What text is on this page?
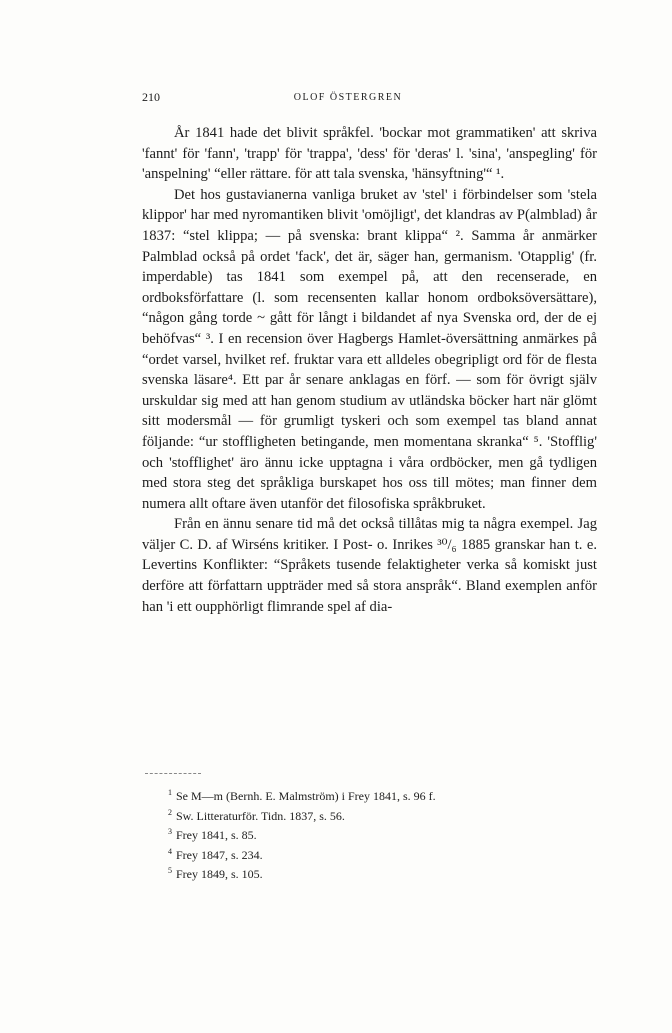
210	OLOF ÖSTERGREN

År 1841 hade det blivit språkfel. 'bockar mot grammatiken' att skriva 'fannt' för 'fann', 'trapp' för 'trappa', 'dess' för 'deras' l. 'sina', 'anspegling' för 'anspelning' “eller rättare. för att tala svenska, 'hänsyftning'“ ¹.

Det hos gustavianerna vanliga bruket av 'stel' i förbindelser som 'stela klippor' har med nyromantiken blivit 'omöjligt', det klandras av P(almblad) år 1837: “stel klippa; — på svenska: brant klippa“ ². Samma år anmärker Palmblad också på ordet 'fack', det är, säger han, germanism. 'Otapplig' (fr. imperdable) tas 1841 som exempel på, att den recenserade, en ordboksförfattare (l. som recensenten kallar honom ordboksöversättare), “någon gång torde ~ gått för långt i bildandet af nya Svenska ord, der de ej behöfvas“ ³. I en recension över Hagbergs Hamlet-översättning anmärkes på “ordet varsel, hvilket ref. fruktar vara ett alldeles obegripligt ord för de flesta svenska läsare⁴. Ett par år senare anklagas en förf. — som för övrigt själv urskuldar sig med att han genom studium av utländska böcker hart när glömt sitt modersmål — för grumligt tyskeri och som exempel tas bland annat följande: “ur stoffligheten betingande, men momentana skranka“ ⁵. 'Stofflig' och 'stofflighet' äro ännu icke upptagna i våra ordböcker, men gå tydligen med stora steg det språkliga burskapet hos oss till mötes; man finner dem numera allt oftare även utanför det filosofiska språkbruket.

Från en ännu senare tid må det också tillåtas mig ta några exempel. Jag väljer C. D. af Wirséns kritiker. I Post- o. Inrikes ³⁰/₆ 1885 granskar han t. e. Levertins Konflikter: “Språkets tusende felaktigheter verka så komiskt just derföre att författarn uppträder med så stora anspråk“. Bland exemplen anför han 'i ett oupphörligt flimrande spel af dia-

$^1$ Se M—m (Bernh. E. Malmström) i Frey 1841, s. 96 f.
$^2$ Sw. Litteraturför. Tidn. 1837, s. 56.
$^3$ Frey 1841, s. 85.
$^4$ Frey 1847, s. 234.
$^5$ Frey 1849, s. 105.
